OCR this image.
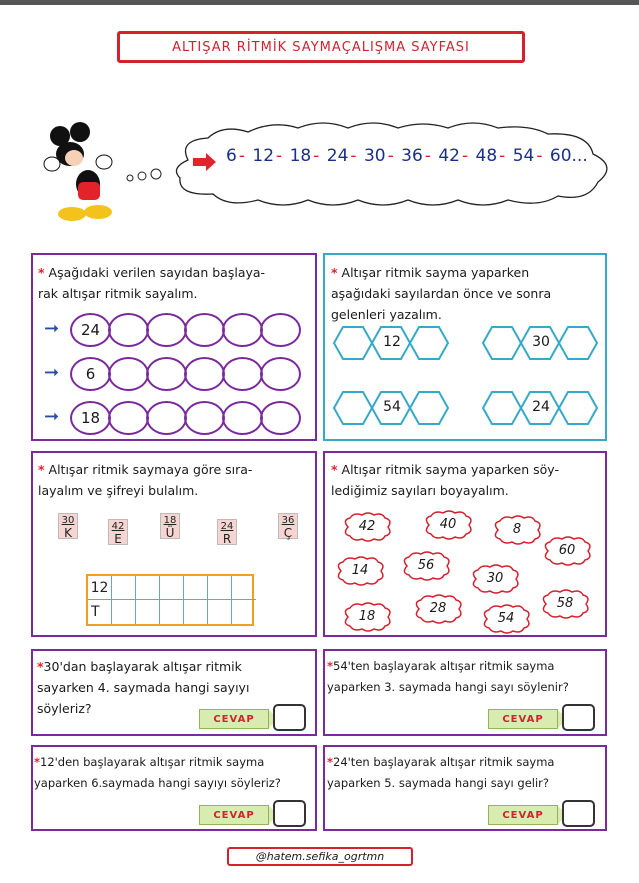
ALTIŞAR RİTMİK SAYMA ÇALIŞMA SAYFASI
6 - 12 - 18 - 24 - 30 - 36 - 42 - 48 - 54 - 60...
* Aşağıdaki verilen sayıdan başlaya-
rak altışar ritmik sayalım.
➞	24
➞	6
➞	18
* Altışar ritmik sayma yaparken
aşağıdaki sayılardan önce ve sonra
gelenleri yazalım.
12	30
54	24
* Altışar ritmik saymaya göre sıra-
layalım ve şifreyi bulalım.
30
K	42
E
18
Ü	24
R
36
Ç
12
T
* Altışar ritmik sayma yaparken söy-
lediğimiz sayıları boyayalım.
42	40	8
60
14	56
30
18
28
54
58
*30'dan başlayarak altışar ritmik
sayarken 4. saymada hangi sayıyı
söyleriz?
CEVAP
*54'ten başlayarak altışar ritmik sayma
yaparken 3. saymada hangi sayı söylenir?
CEVAP
*12'den başlayarak altışar ritmik sayma
yaparken 6.saymada hangi sayıyı söyleriz?
CEVAP
*24'ten başlayarak altışar ritmik sayma
yaparken 5. saymada hangi sayı gelir?
CEVAP
@hatem.sefika_ogrtmn
